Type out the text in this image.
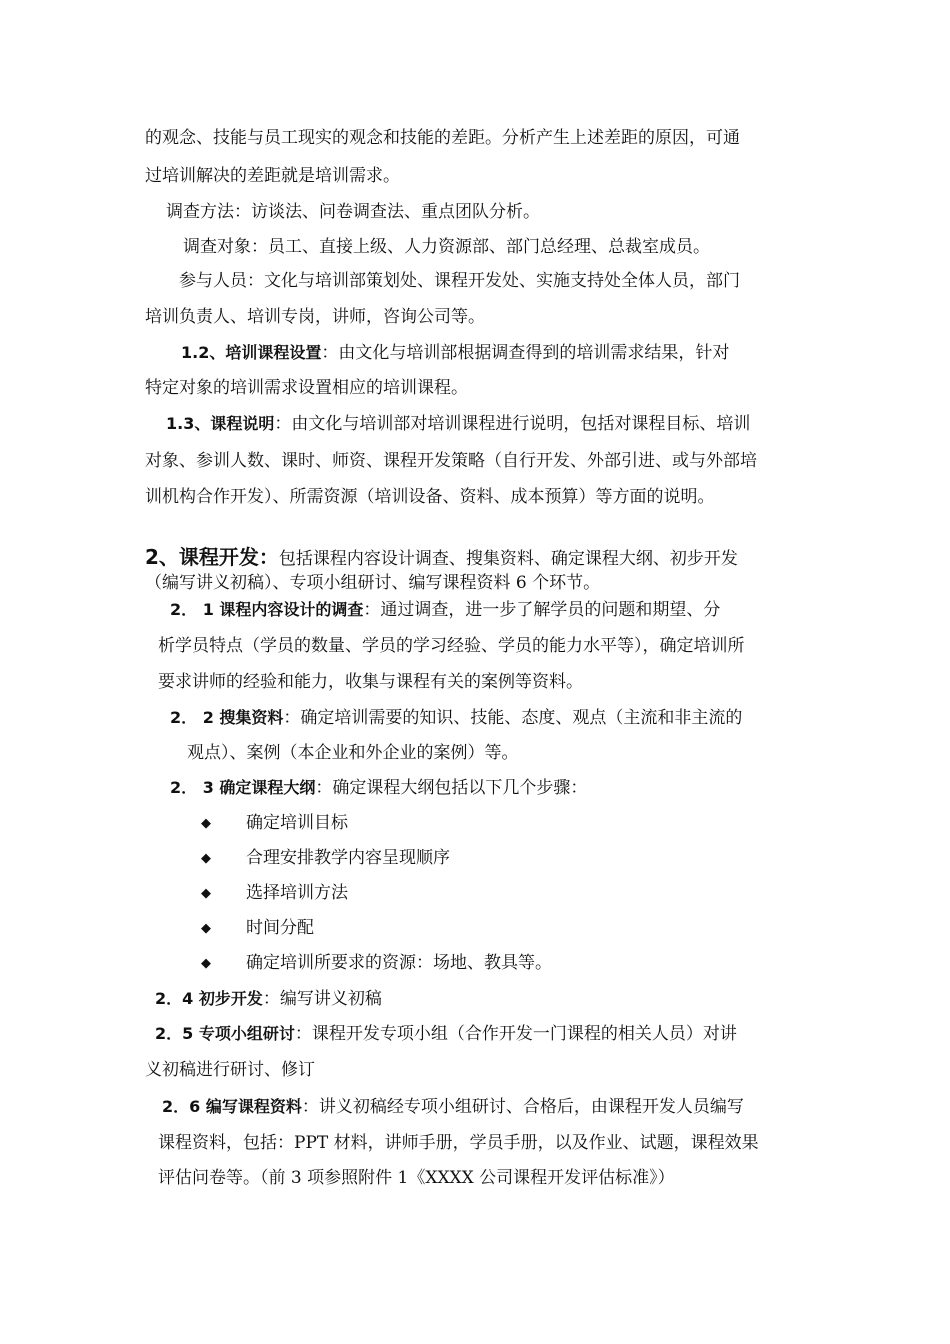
的观念、技能与员工现实的观念和技能的差距。分析产生上述差距的原因，可通
过培训解决的差距就是培训需求。
调查方法：访谈法、问卷调查法、重点团队分析。
调查对象：员工、直接上级、人力资源部、部门总经理、总裁室成员。
参与人员：文化与培训部策划处、课程开发处、实施支持处全体人员，部门
培训负责人、培训专岗，讲师，咨询公司等。
1.2、培训课程设置：由文化与培训部根据调查得到的培训需求结果，针对
特定对象的培训需求设置相应的培训课程。
1.3、课程说明：由文化与培训部对培训课程进行说明，包括对课程目标、培训
对象、参训人数、课时、师资、课程开发策略（自行开发、外部引进、或与外部培
训机构合作开发）、所需资源（培训设备、资料、成本预算）等方面的说明。
2、课程开发：包括课程内容设计调查、搜集资料、确定课程大纲、初步开发
（编写讲义初稿）、专项小组研讨、编写课程资料 6 个环节。
2． 1 课程内容设计的调查：通过调查，进一步了解学员的问题和期望、分
析学员特点（学员的数量、学员的学习经验、学员的能力水平等），确定培训所
要求讲师的经验和能力，收集与课程有关的案例等资料。
2． 2 搜集资料：确定培训需要的知识、技能、态度、观点（主流和非主流的
观点）、案例（本企业和外企业的案例）等。
2． 3 确定课程大纲：确定课程大纲包括以下几个步骤：
◆ 确定培训目标
◆ 合理安排教学内容呈现顺序
◆ 选择培训方法
◆ 时间分配
◆ 确定培训所要求的资源：场地、教具等。
2．4 初步开发：编写讲义初稿
2．5 专项小组研讨：课程开发专项小组（合作开发一门课程的相关人员）对讲
义初稿进行研讨、修订
2．6 编写课程资料：讲义初稿经专项小组研讨、合格后，由课程开发人员编写
课程资料，包括：PPT 材料，讲师手册，学员手册，以及作业、试题，课程效果
评估问卷等。（前 3 项参照附件 1《XXXX 公司课程开发评估标准》）
